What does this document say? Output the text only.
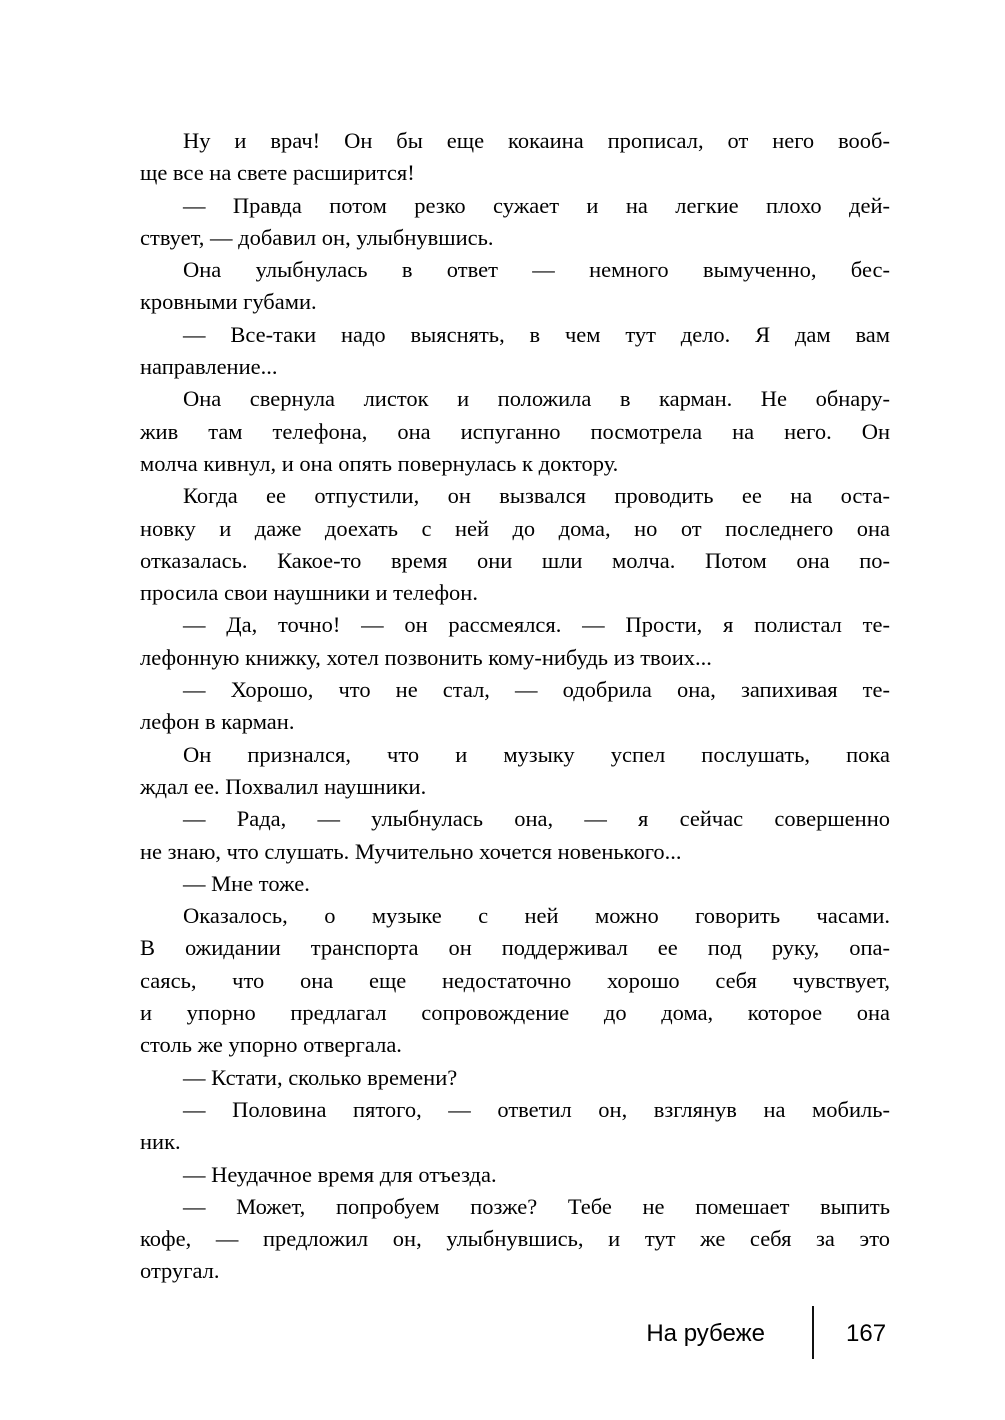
Ну и врач! Он бы еще кокаина прописал, от него вооб-
ще все на свете расширится!
— Правда потом резко сужает и на легкие плохо дей-
ствует, — добавил он, улыбнувшись.
Она улыбнулась в ответ — немного вымученно, бес-
кровными губами.
— Все-таки надо выяснять, в чем тут дело. Я дам вам
направление...
Она свернула листок и положила в карман. Не обнару-
жив там телефона, она испуганно посмотрела на него. Он
молча кивнул, и она опять повернулась к доктору.
Когда ее отпустили, он вызвался проводить ее на оста-
новку и даже доехать с ней до дома, но от последнего она
отказалась. Какое-то время они шли молча. Потом она по-
просила свои наушники и телефон.
— Да, точно! — он рассмеялся. — Прости, я полистал те-
лефонную книжку, хотел позвонить кому-нибудь из твоих...
— Хорошо, что не стал, — одобрила она, запихивая те-
лефон в карман.
Он признался, что и музыку успел послушать, пока
ждал ее. Похвалил наушники.
— Рада, — улыбнулась она, — я сейчас совершенно
не знаю, что слушать. Мучительно хочется новенького...
— Мне тоже.
Оказалось, о музыке с ней можно говорить часами.
В ожидании транспорта он поддерживал ее под руку, опа-
саясь, что она еще недостаточно хорошо себя чувствует,
и упорно предлагал сопровождение до дома, которое она
столь же упорно отвергала.
— Кстати, сколько времени?
— Половина пятого, — ответил он, взглянув на мобиль-
ник.
— Неудачное время для отъезда.
— Может, попробуем позже? Тебе не помешает выпить
кофе, — предложил он, улыбнувшись, и тут же себя за это
отругал.
На рубеже	167
